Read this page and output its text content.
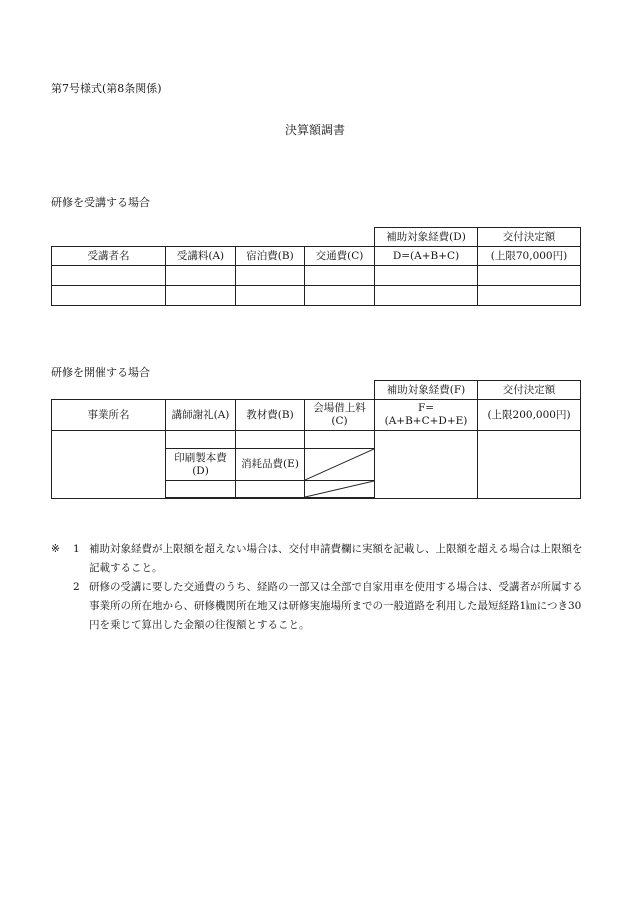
第7号様式(第8条関係)
決算額調書
研修を受講する場合
				補助対象経費(D)	交付決定額
受講者名	受講料(A)	宿泊費(B)	交通費(C)	D=(A+B+C)	(上限70,000円)

研修を開催する場合
				補助対象経費(F)	交付決定額
事業所名	講師謝礼(A)	教材費(B)	会場借上料(C)	F=(A+B+C+D+E)	(上限200,000円)

	印刷製本費(D)	消耗品費(E)	

※ 1 補助対象経費が上限額を超えない場合は、交付申請費欄に実額を記載し、上限額を超える場合は上限額を記載すること。
2 研修の受講に要した交通費のうち、経路の一部又は全部で自家用車を使用する場合は、受講者が所属する事業所の所在地から、研修機関所在地又は研修実施場所までの一般道路を利用した最短経路1㎞につき30円を乗じて算出した金額の往復額とすること。
